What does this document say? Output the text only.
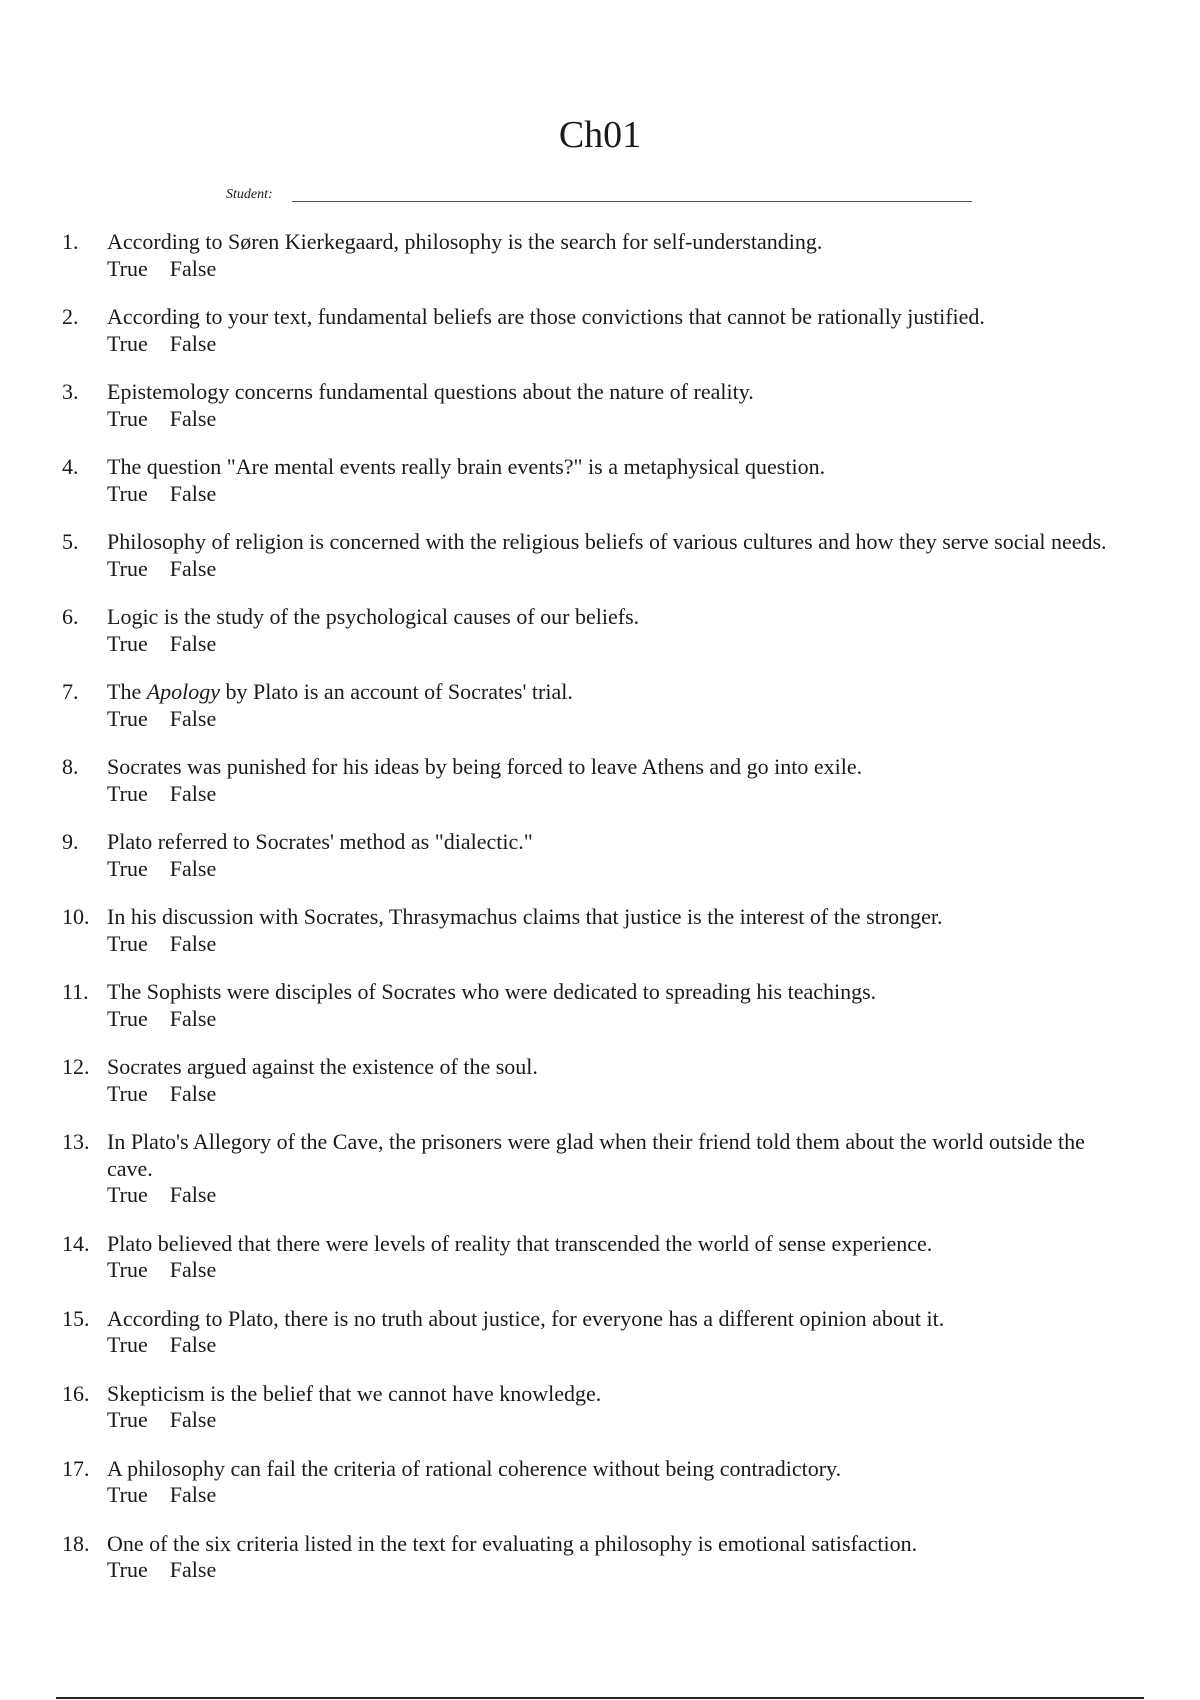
Ch01
Student:
1. According to Søren Kierkegaard, philosophy is the search for self-understanding.
True False
2. According to your text, fundamental beliefs are those convictions that cannot be rationally justified.
True False
3. Epistemology concerns fundamental questions about the nature of reality.
True False
4. The question "Are mental events really brain events?" is a metaphysical question.
True False
5. Philosophy of religion is concerned with the religious beliefs of various cultures and how they serve social needs.
True False
6. Logic is the study of the psychological causes of our beliefs.
True False
7. The Apology by Plato is an account of Socrates' trial.
True False
8. Socrates was punished for his ideas by being forced to leave Athens and go into exile.
True False
9. Plato referred to Socrates' method as "dialectic."
True False
10. In his discussion with Socrates, Thrasymachus claims that justice is the interest of the stronger.
True False
11. The Sophists were disciples of Socrates who were dedicated to spreading his teachings.
True False
12. Socrates argued against the existence of the soul.
True False
13. In Plato's Allegory of the Cave, the prisoners were glad when their friend told them about the world outside the cave.
True False
14. Plato believed that there were levels of reality that transcended the world of sense experience.
True False
15. According to Plato, there is no truth about justice, for everyone has a different opinion about it.
True False
16. Skepticism is the belief that we cannot have knowledge.
True False
17. A philosophy can fail the criteria of rational coherence without being contradictory.
True False
18. One of the six criteria listed in the text for evaluating a philosophy is emotional satisfaction.
True False
